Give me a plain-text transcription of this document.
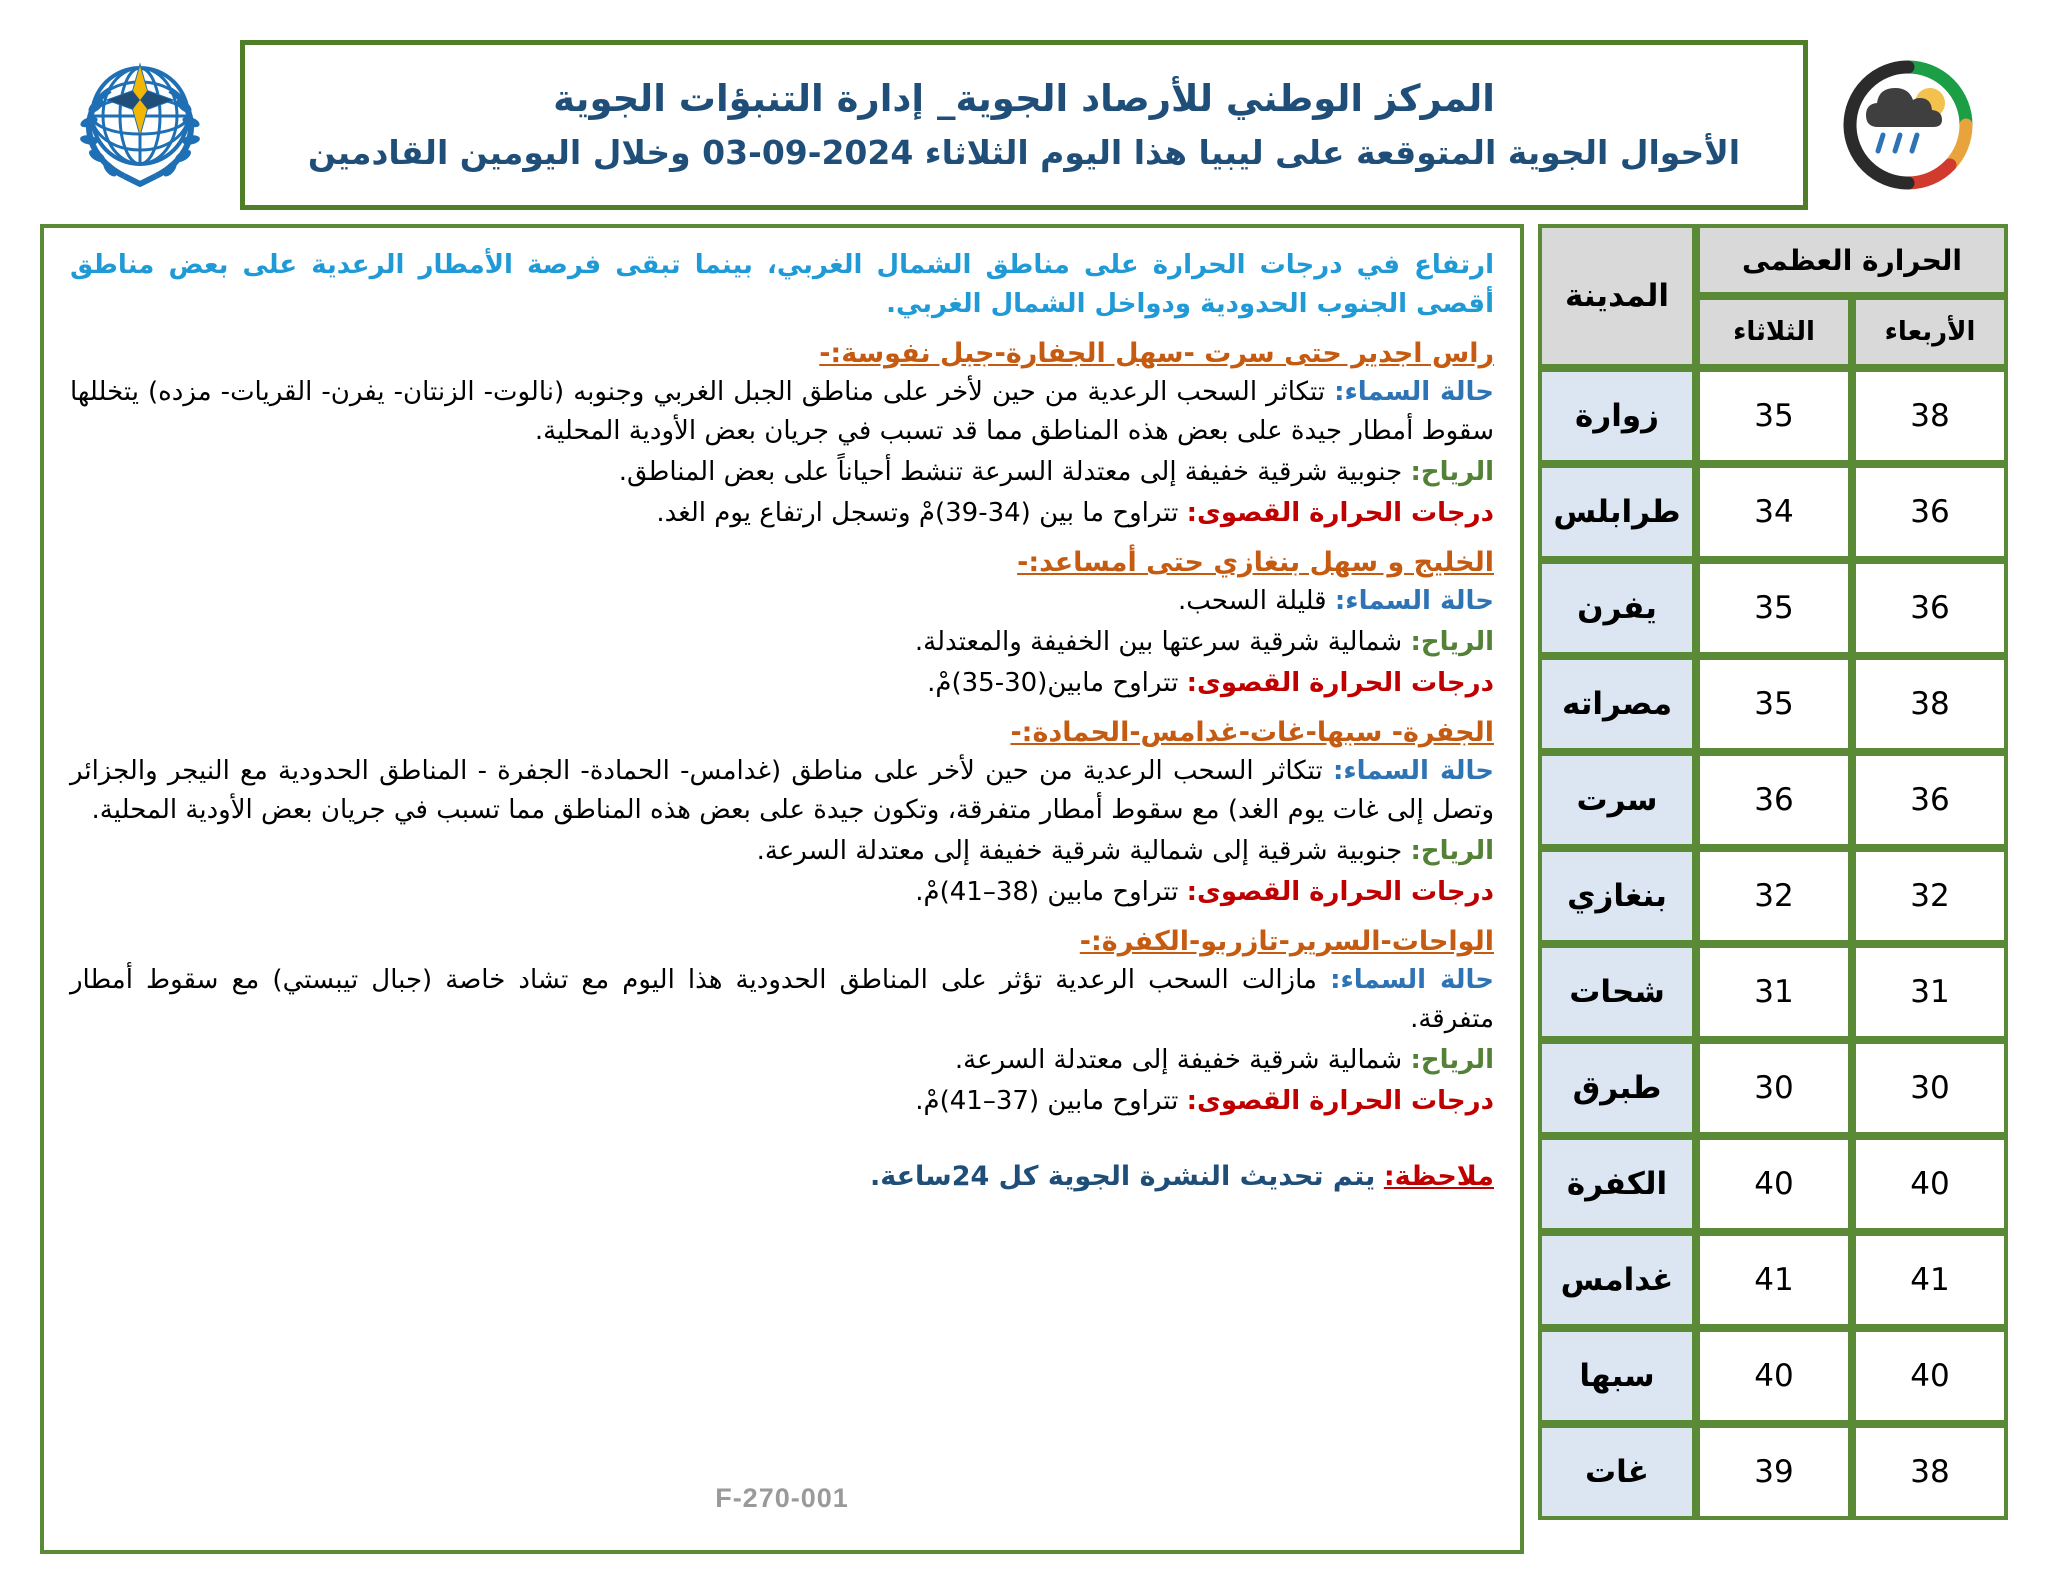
المركز الوطني للأرصاد الجوية_ إدارة التنبؤات الجوية
الأحوال الجوية المتوقعة على ليبيا هذا اليوم الثلاثاء 2024-09-03 وخلال اليومين القادمين
الحرارة العظمى		المدينة
الأربعاء	الثلاثاء	
38	35	زوارة
36	34	طرابلس
36	35	يفرن
38	35	مصراته
36	36	سرت
32	32	بنغازي
31	31	شحات
30	30	طبرق
40	40	الكفرة
41	41	غدامس
40	40	سبها
38	39	غات
ارتفاع في درجات الحرارة على مناطق الشمال الغربي، بينما تبقى فرصة الأمطار الرعدية على بعض مناطق أقصى الجنوب الحدودية ودواخل الشمال الغربي.
راس اجدير حتى سرت -سهل الجفارة-جبل نفوسة:-
حالة السماء: تتكاثر السحب الرعدية من حين لأخر على مناطق الجبل الغربي وجنوبه (نالوت- الزنتان- يفرن- القريات- مزده) يتخللها سقوط أمطار جيدة على بعض هذه المناطق مما قد تسبب في جريان بعض الأودية المحلية.
الرياح: جنوبية شرقية خفيفة إلى معتدلة السرعة تنشط أحياناً على بعض المناطق.
درجات الحرارة القصوى: تتراوح ما بين (34-39)مْ وتسجل ارتفاع يوم الغد.
الخليج و سهل بنغازي حتى أمساعد:-
حالة السماء: قليلة السحب.
الرياح: شمالية شرقية سرعتها بين الخفيفة والمعتدلة.
درجات الحرارة القصوى: تتراوح مابين(30-35)مْ.
الجفرة- سبها-غات-غدامس-الحمادة:-
حالة السماء: تتكاثر السحب الرعدية من حين لأخر على مناطق (غدامس- الحمادة- الجفرة - المناطق الحدودية مع النيجر والجزائر وتصل إلى غات يوم الغد) مع سقوط أمطار متفرقة، وتكون جيدة على بعض هذه المناطق مما تسبب في جريان بعض الأودية المحلية.
الرياح: جنوبية شرقية إلى شمالية شرقية خفيفة إلى معتدلة السرعة.
درجات الحرارة القصوى: تتراوح مابين (38–41)مْ.
الواحات-السرير-تازربو-الكفرة:-
حالة السماء: مازالت السحب الرعدية تؤثر على المناطق الحدودية هذا اليوم مع تشاد خاصة (جبال تيبستي) مع سقوط أمطار متفرقة.
الرياح: شمالية شرقية خفيفة إلى معتدلة السرعة.
درجات الحرارة القصوى: تتراوح مابين (37–41)مْ.
ملاحظة: يتم تحديث النشرة الجوية كل 24ساعة.
F-270-001
